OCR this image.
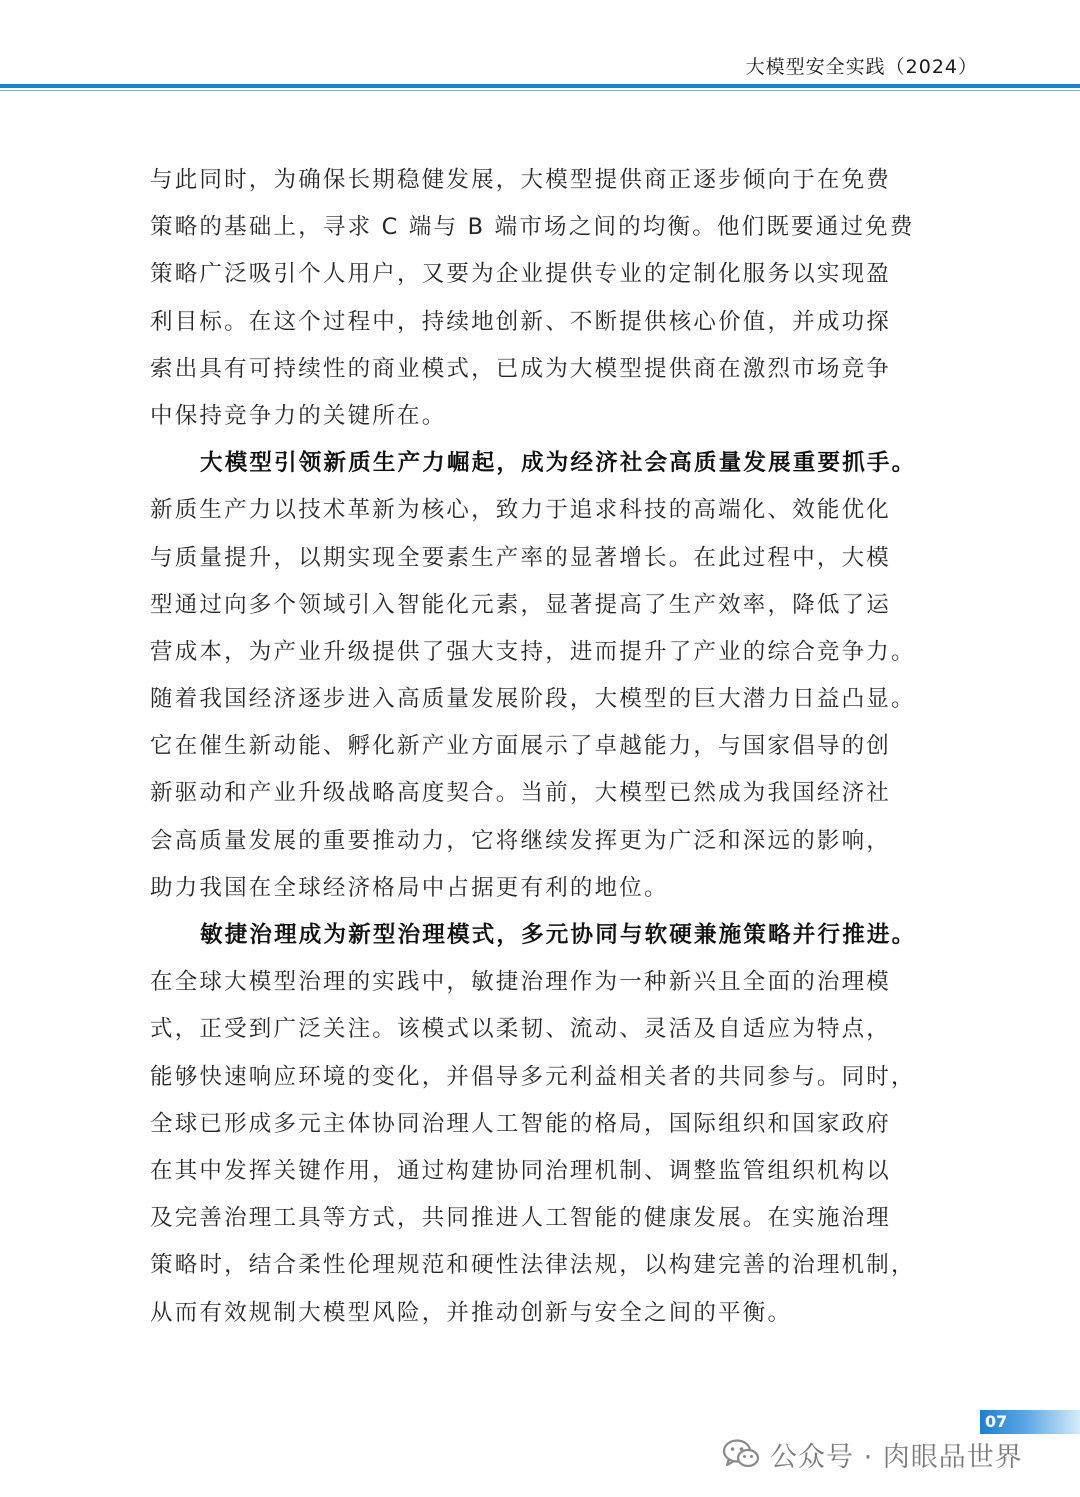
大模型安全实践（2024）
与此同时，为确保长期稳健发展，大模型提供商正逐步倾向于在免费
策略的基础上，寻求 C 端与 B 端市场之间的均衡。他们既要通过免费
策略广泛吸引个人用户，又要为企业提供专业的定制化服务以实现盈
利目标。在这个过程中，持续地创新、不断提供核心价值，并成功探
索出具有可持续性的商业模式，已成为大模型提供商在激烈市场竞争
中保持竞争力的关键所在。
大模型引领新质生产力崛起，成为经济社会高质量发展重要抓手。
新质生产力以技术革新为核心，致力于追求科技的高端化、效能优化
与质量提升，以期实现全要素生产率的显著增长。在此过程中，大模
型通过向多个领域引入智能化元素，显著提高了生产效率，降低了运
营成本，为产业升级提供了强大支持，进而提升了产业的综合竞争力。
随着我国经济逐步进入高质量发展阶段，大模型的巨大潜力日益凸显。
它在催生新动能、孵化新产业方面展示了卓越能力，与国家倡导的创
新驱动和产业升级战略高度契合。当前，大模型已然成为我国经济社
会高质量发展的重要推动力，它将继续发挥更为广泛和深远的影响，
助力我国在全球经济格局中占据更有利的地位。
敏捷治理成为新型治理模式，多元协同与软硬兼施策略并行推进。
在全球大模型治理的实践中，敏捷治理作为一种新兴且全面的治理模
式，正受到广泛关注。该模式以柔韧、流动、灵活及自适应为特点，
能够快速响应环境的变化，并倡导多元利益相关者的共同参与。同时，
全球已形成多元主体协同治理人工智能的格局，国际组织和国家政府
在其中发挥关键作用，通过构建协同治理机制、调整监管组织机构以
及完善治理工具等方式，共同推进人工智能的健康发展。在实施治理
策略时，结合柔性伦理规范和硬性法律法规，以构建完善的治理机制，
从而有效规制大模型风险，并推动创新与安全之间的平衡。
07
公众号 · 肉眼品世界
